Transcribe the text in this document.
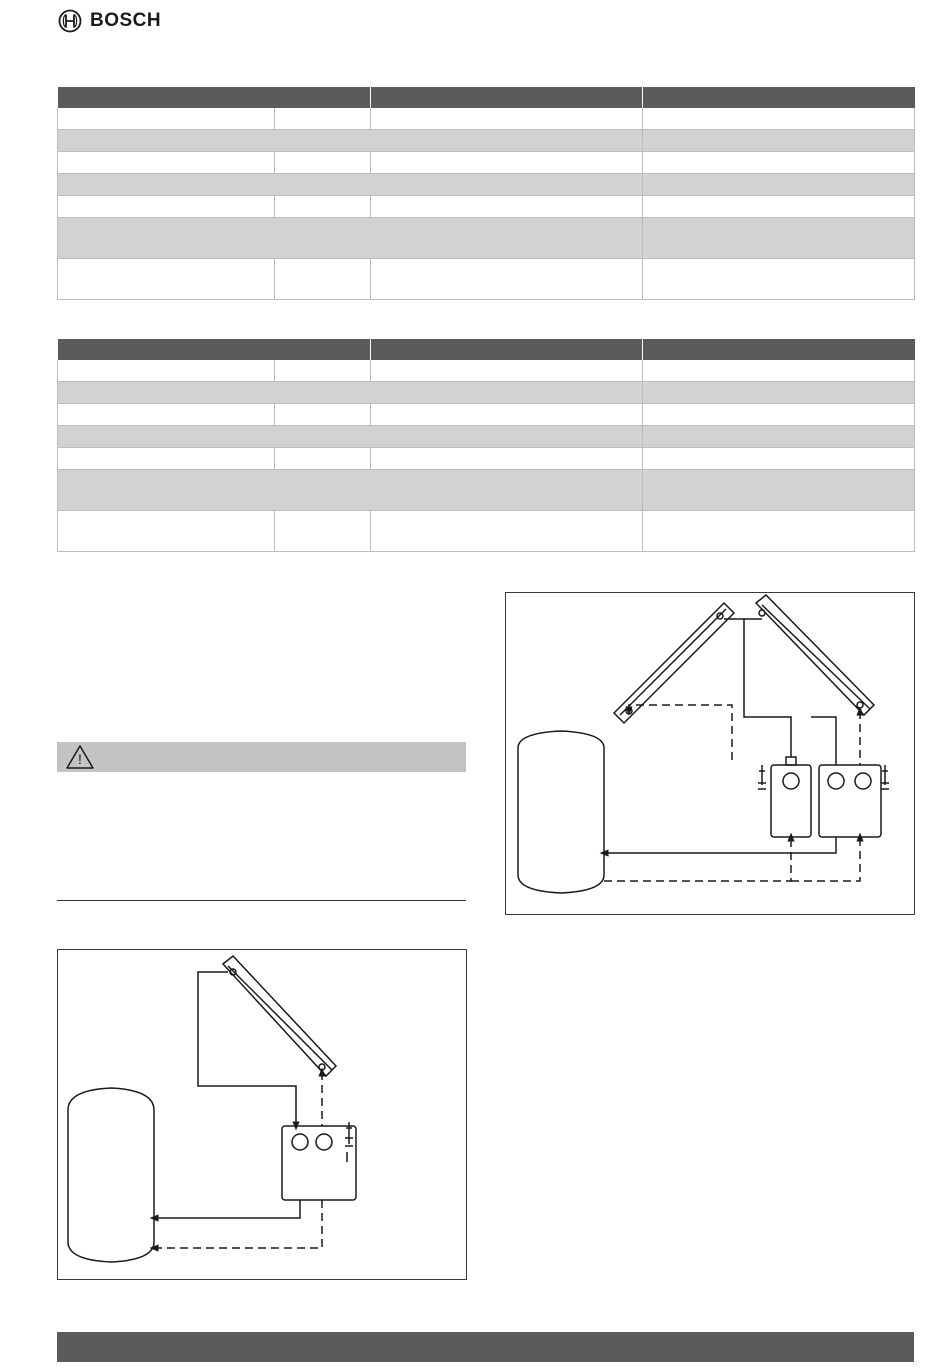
BOSCH

!
